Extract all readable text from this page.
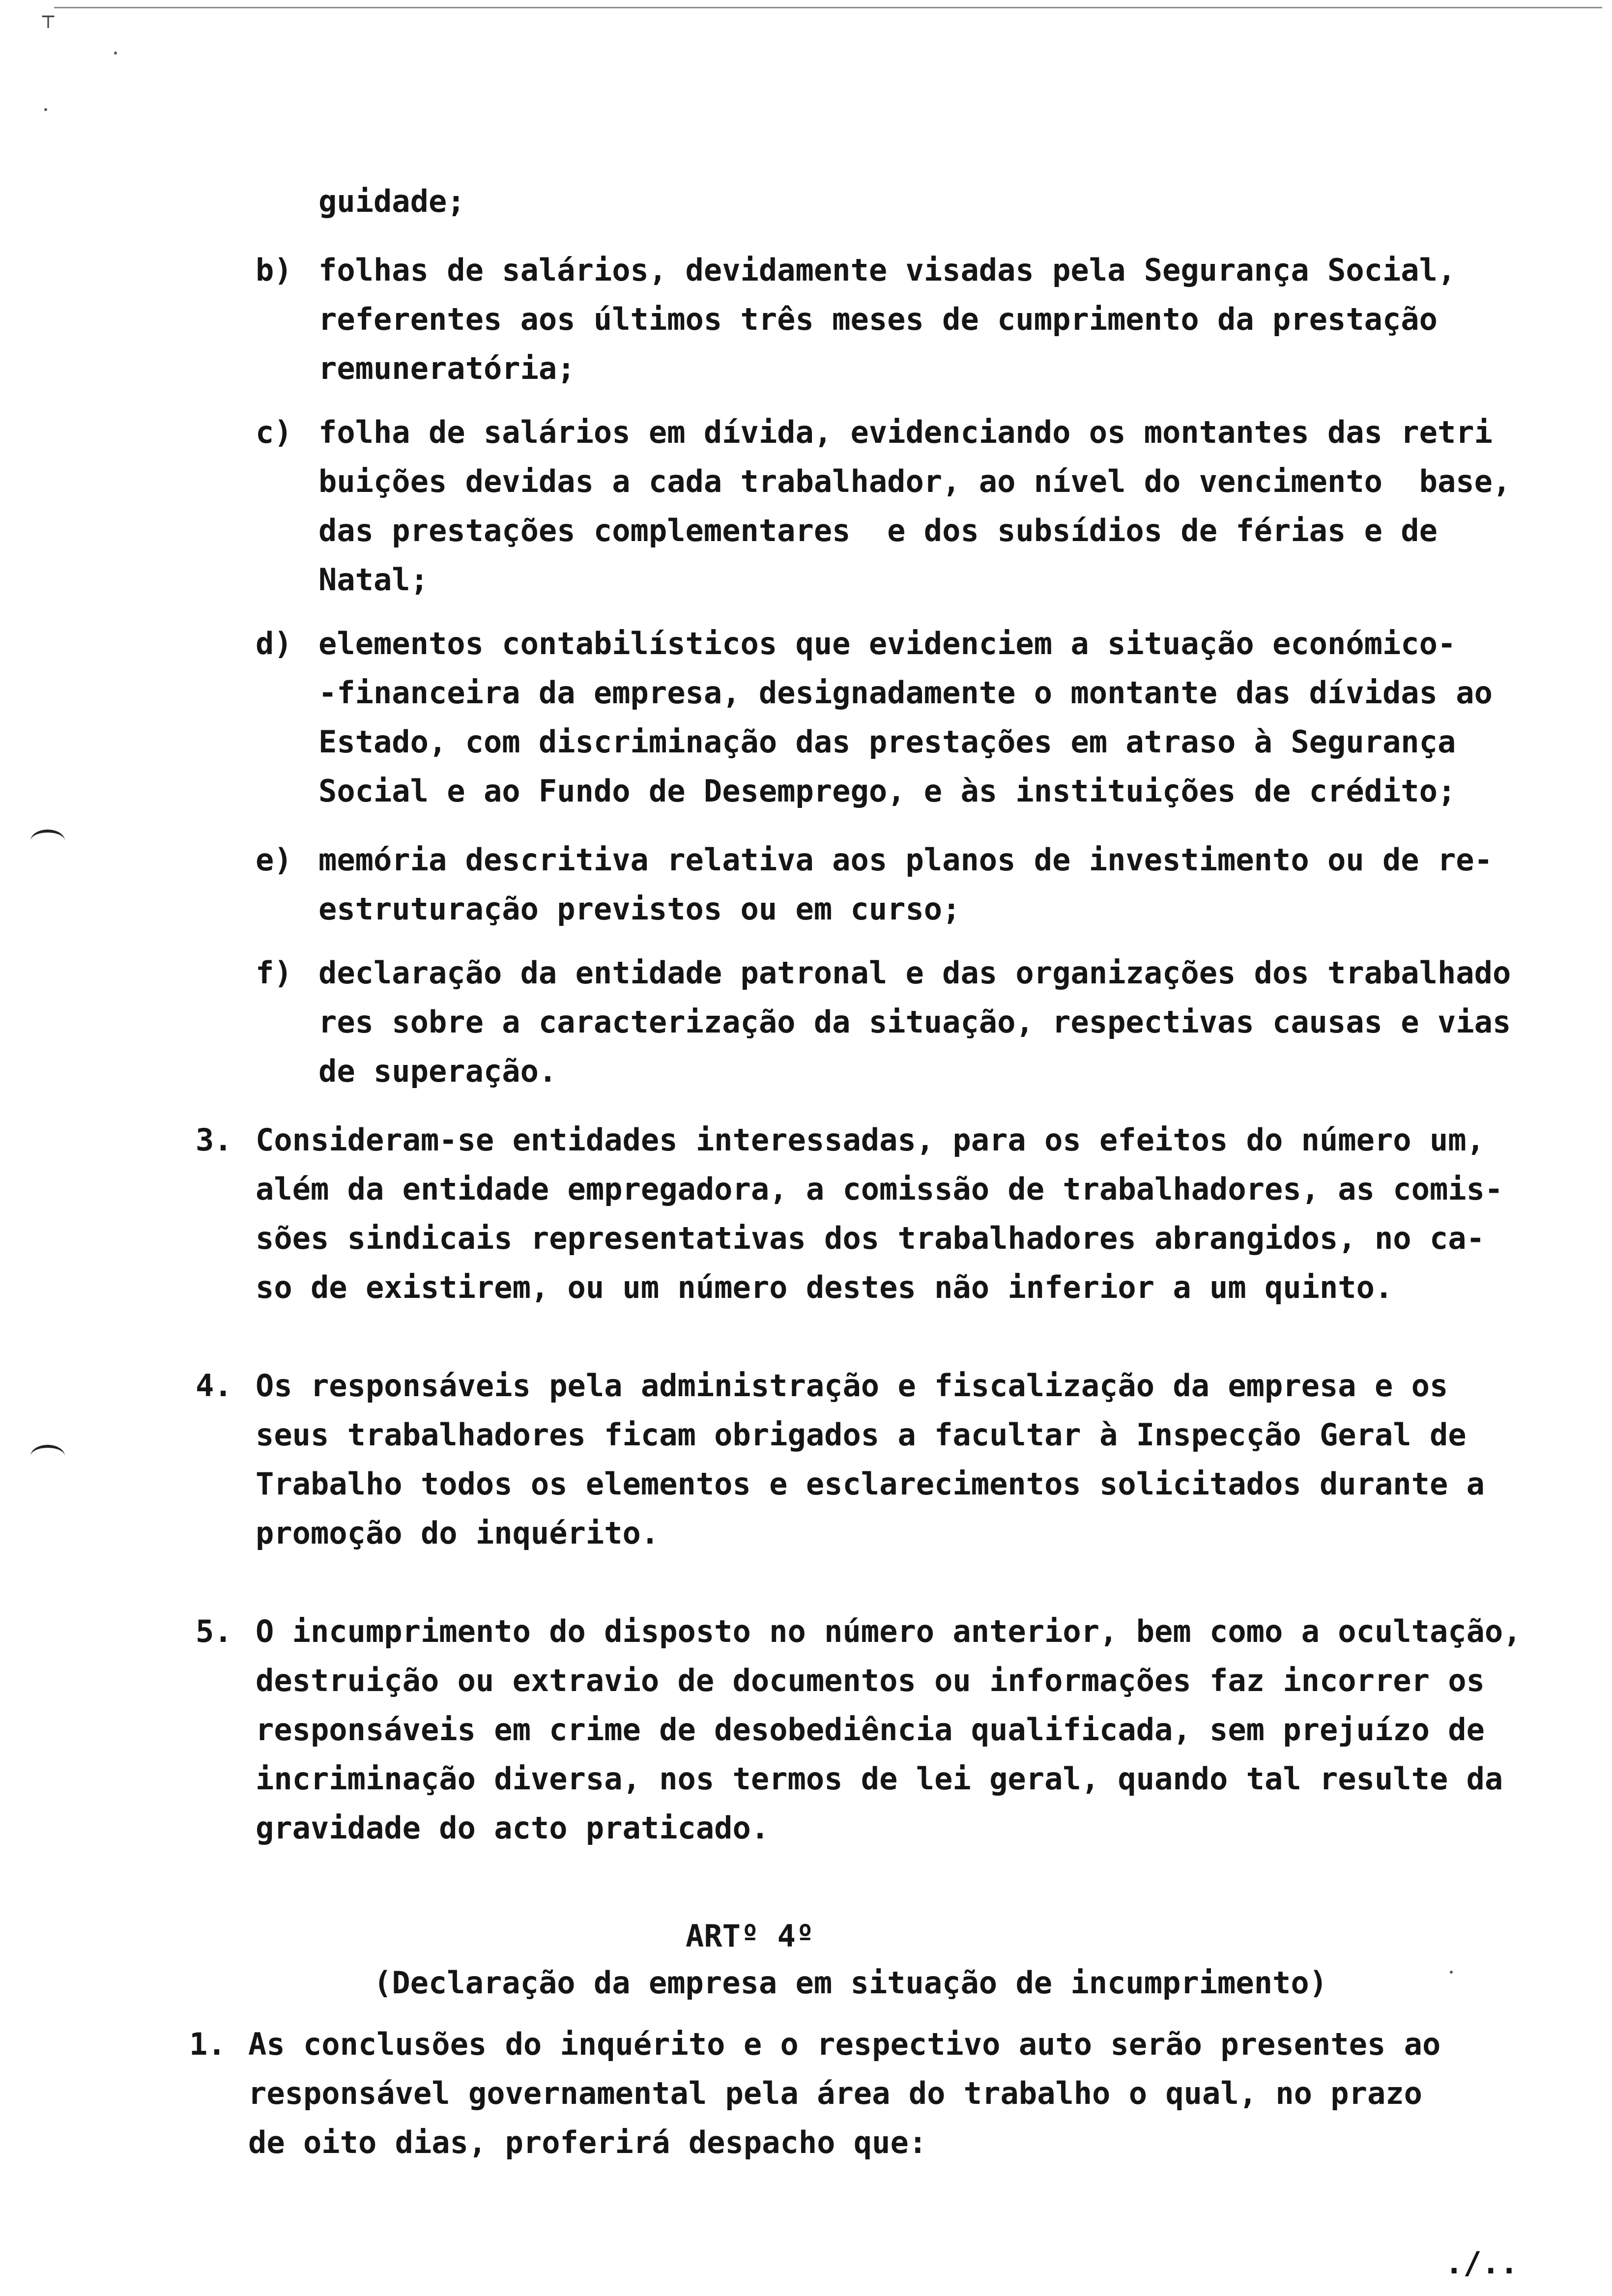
┬
guidade;
b) folhas de salários, devidamente visadas pela Segurança Social,
referentes aos últimos três meses de cumprimento da prestação
remuneratória;
c) folha de salários em dívida, evidenciando os montantes das retri
buições devidas a cada trabalhador, ao nível do vencimento  base,
das prestações complementares  e dos subsídios de férias e de
Natal;
d) elementos contabilísticos que evidenciem a situação económico-
-financeira da empresa, designadamente o montante das dívidas ao
Estado, com discriminação das prestações em atraso à Segurança
Social e ao Fundo de Desemprego, e às instituições de crédito;
e) memória descritiva relativa aos planos de investimento ou de re-
estruturação previstos ou em curso;
f) declaração da entidade patronal e das organizações dos trabalhado
res sobre a caracterização da situação, respectivas causas e vias
de superação.
3. Consideram-se entidades interessadas, para os efeitos do número um,
além da entidade empregadora, a comissão de trabalhadores, as comis-
sões sindicais representativas dos trabalhadores abrangidos, no ca-
so de existirem, ou um número destes não inferior a um quinto.
4. Os responsáveis pela administração e fiscalização da empresa e os
seus trabalhadores ficam obrigados a facultar à Inspecção Geral de
Trabalho todos os elementos e esclarecimentos solicitados durante a
promoção do inquérito.
5. O incumprimento do disposto no número anterior, bem como a ocultação,
destruição ou extravio de documentos ou informações faz incorrer os
responsáveis em crime de desobediência qualificada, sem prejuízo de
incriminação diversa, nos termos de lei geral, quando tal resulte da
gravidade do acto praticado.
ARTº 4º
(Declaração da empresa em situação de incumprimento)
1. As conclusões do inquérito e o respectivo auto serão presentes ao
responsável governamental pela área do trabalho o qual, no prazo
de oito dias, proferirá despacho que:
./..
